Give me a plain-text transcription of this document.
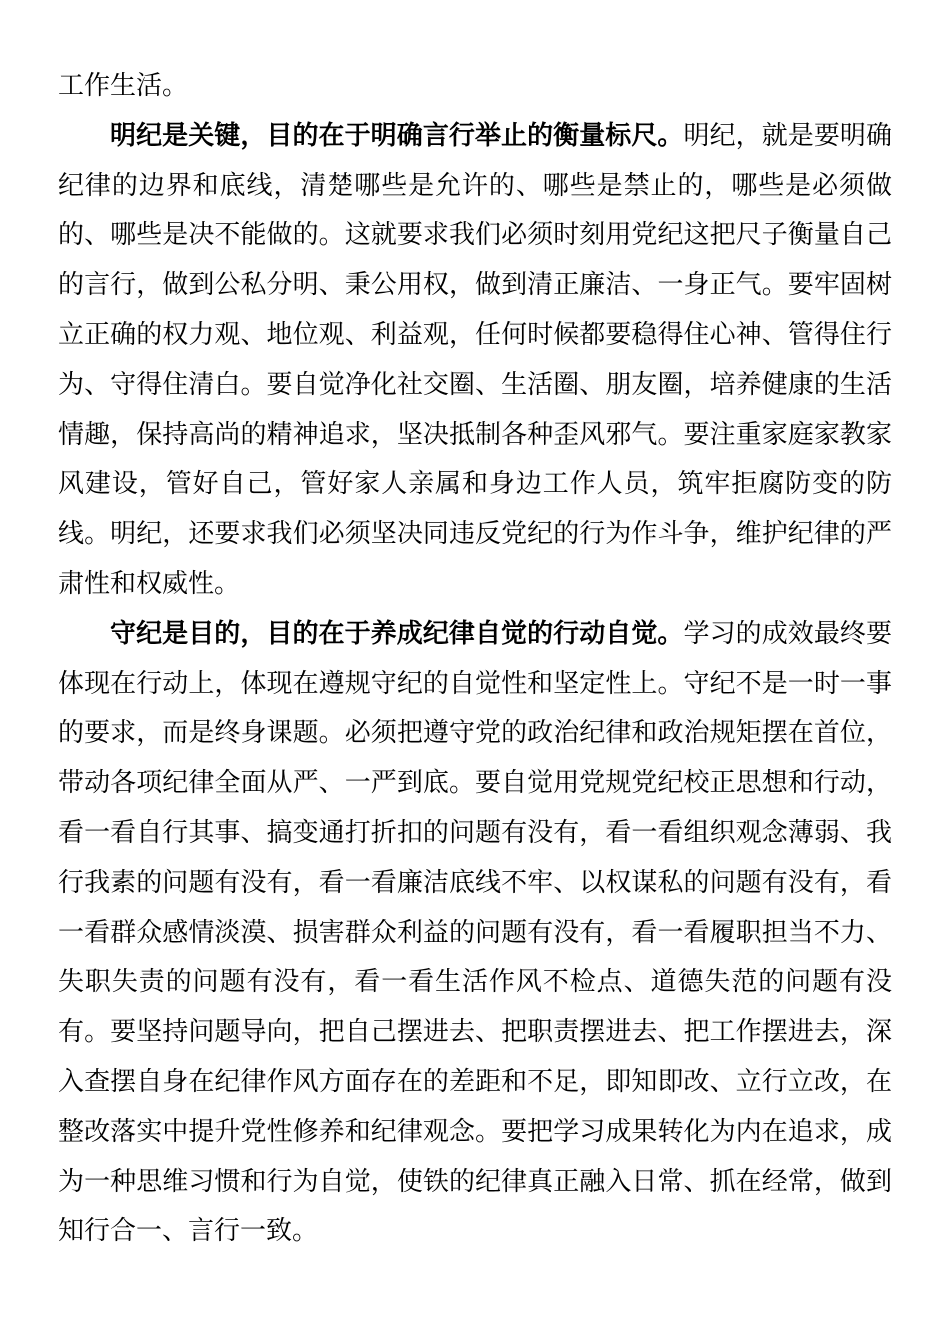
工作生活。

明纪是关键，目的在于明确言行举止的衡量标尺。明纪，就是要明确纪律的边界和底线，清楚哪些是允许的、哪些是禁止的，哪些是必须做的、哪些是决不能做的。这就要求我们必须时刻用党纪这把尺子衡量自己的言行，做到公私分明、秉公用权，做到清正廉洁、一身正气。要牢固树立正确的权力观、地位观、利益观，任何时候都要稳得住心神、管得住行为、守得住清白。要自觉净化社交圈、生活圈、朋友圈，培养健康的生活情趣，保持高尚的精神追求，坚决抵制各种歪风邪气。要注重家庭家教家风建设，管好自己，管好家人亲属和身边工作人员，筑牢拒腐防变的防线。明纪，还要求我们必须坚决同违反党纪的行为作斗争，维护纪律的严肃性和权威性。

守纪是目的，目的在于养成纪律自觉的行动自觉。学习的成效最终要体现在行动上，体现在遵规守纪的自觉性和坚定性上。守纪不是一时一事的要求，而是终身课题。必须把遵守党的政治纪律和政治规矩摆在首位，带动各项纪律全面从严、一严到底。要自觉用党规党纪校正思想和行动，看一看自行其事、搞变通打折扣的问题有没有，看一看组织观念薄弱、我行我素的问题有没有，看一看廉洁底线不牢、以权谋私的问题有没有，看一看群众感情淡漠、损害群众利益的问题有没有，看一看履职担当不力、失职失责的问题有没有，看一看生活作风不检点、道德失范的问题有没有。要坚持问题导向，把自己摆进去、把职责摆进去、把工作摆进去，深入查摆自身在纪律作风方面存在的差距和不足，即知即改、立行立改，在整改落实中提升党性修养和纪律观念。要把学习成果转化为内在追求，成为一种思维习惯和行为自觉，使铁的纪律真正融入日常、抓在经常，做到知行合一、言行一致。
